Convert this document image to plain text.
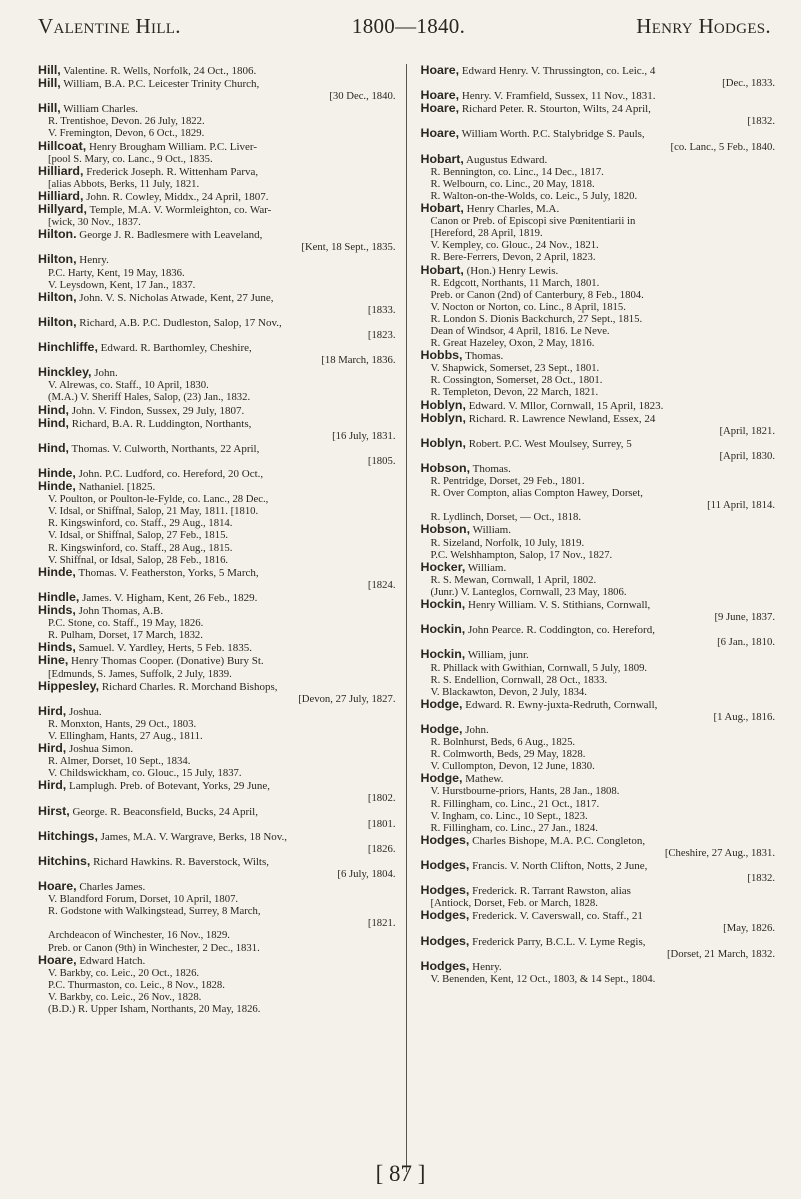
Valentine Hill.	1800—1840.	Henry Hodges.
Hill, Valentine. R. Wells, Norfolk, 24 Oct., 1806.
Hill, William, B.A. P.C. Leicester Trinity Church,
[30 Dec., 1840.
Hill, William Charles.
R. Trentishoe, Devon. 26 July, 1822.
V. Fremington, Devon, 6 Oct., 1829.
Hillcoat, Henry Brougham William. P.C. Liver-
[pool S. Mary, co. Lanc., 9 Oct., 1835.
Hilliard, Frederick Joseph. R. Wittenham Parva,
[alias Abbots, Berks, 11 July, 1821.
Hilliard, John. R. Cowley, Middx., 24 April, 1807.
Hillyard, Temple, M.A. V. Wormleighton, co. War-
[wick, 30 Nov., 1837.
Hilton. George J. R. Badlesmere with Leaveland,
[Kent, 18 Sept., 1835.
Hilton, Henry.
P.C. Harty, Kent, 19 May, 1836.
V. Leysdown, Kent, 17 Jan., 1837.
Hilton, John. V. S. Nicholas Atwade, Kent, 27 June,
[1833.
Hilton, Richard, A.B. P.C. Dudleston, Salop, 17 Nov.,
[1823.
Hinchliffe, Edward. R. Barthomley, Cheshire,
[18 March, 1836.
Hinckley, John.
V. Alrewas, co. Staff., 10 April, 1830.
(M.A.) V. Sheriff Hales, Salop, (23) Jan., 1832.
Hind, John. V. Findon, Sussex, 29 July, 1807.
Hind, Richard, B.A. R. Luddington, Northants,
[16 July, 1831.
Hind, Thomas. V. Culworth, Northants, 22 April,
[1805.
Hinde, John. P.C. Ludford, co. Hereford, 20 Oct.,
Hinde, Nathaniel. [1825.
V. Poulton, or Poulton-le-Fylde, co. Lanc., 28 Dec.,
V. Idsal, or Shiffnal, Salop, 21 May, 1811. [1810.
R. Kingswinford, co. Staff., 29 Aug., 1814.
V. Idsal, or Shiffnal, Salop, 27 Feb., 1815.
R. Kingswinford, co. Staff., 28 Aug., 1815.
V. Shiffnal, or Idsal, Salop, 28 Feb., 1816.
Hinde, Thomas. V. Featherston, Yorks, 5 March,
[1824.
Hindle, James. V. Higham, Kent, 26 Feb., 1829.
Hinds, John Thomas, A.B.
P.C. Stone, co. Staff., 19 May, 1826.
R. Pulham, Dorset, 17 March, 1832.
Hinds, Samuel. V. Yardley, Herts, 5 Feb. 1835.
Hine, Henry Thomas Cooper. (Donative) Bury St.
[Edmunds, S. James, Suffolk, 2 July, 1839.
Hippesley, Richard Charles. R. Morchand Bishops,
[Devon, 27 July, 1827.
Hird, Joshua.
R. Monxton, Hants, 29 Oct., 1803.
V. Ellingham, Hants, 27 Aug., 1811.
Hird, Joshua Simon.
R. Almer, Dorset, 10 Sept., 1834.
V. Childswickham, co. Glouc., 15 July, 1837.
Hird, Lamplugh. Preb. of Botevant, Yorks, 29 June,
[1802.
Hirst, George. R. Beaconsfield, Bucks, 24 April,
[1801.
Hitchings, James, M.A. V. Wargrave, Berks, 18 Nov.,
[1826.
Hitchins, Richard Hawkins. R. Baverstock, Wilts,
[6 July, 1804.
Hoare, Charles James.
V. Blandford Forum, Dorset, 10 April, 1807.
R. Godstone with Walkingstead, Surrey, 8 March,
[1821.
Archdeacon of Winchester, 16 Nov., 1829.
Preb. or Canon (9th) in Winchester, 2 Dec., 1831.
Hoare, Edward Hatch.
V. Barkby, co. Leic., 20 Oct., 1826.
P.C. Thurmaston, co. Leic., 8 Nov., 1828.
V. Barkby, co. Leic., 26 Nov., 1828.
(B.D.) R. Upper Isham, Northants, 20 May, 1826.
Hoare, Edward Henry. V. Thrussington, co. Leic., 4
[Dec., 1833.
Hoare, Henry. V. Framfield, Sussex, 11 Nov., 1831.
Hoare, Richard Peter. R. Stourton, Wilts, 24 April,
[1832.
Hoare, William Worth. P.C. Stalybridge S. Pauls,
[co. Lanc., 5 Feb., 1840.
Hobart, Augustus Edward.
R. Bennington, co. Linc., 14 Dec., 1817.
R. Welbourn, co. Linc., 20 May, 1818.
R. Walton-on-the-Wolds, co. Leic., 5 July, 1820.
Hobart, Henry Charles, M.A.
Canon or Preb. of Episcopi sive Pœnitentiarii in
[Hereford, 28 April, 1819.
V. Kempley, co. Glouc., 24 Nov., 1821.
R. Bere-Ferrers, Devon, 2 April, 1823.
Hobart, (Hon.) Henry Lewis.
R. Edgcott, Northants, 11 March, 1801.
Preb. or Canon (2nd) of Canterbury, 8 Feb., 1804.
V. Nocton or Norton, co. Linc., 8 April, 1815.
R. London S. Dionis Backchurch, 27 Sept., 1815.
Dean of Windsor, 4 April, 1816. Le Neve.
R. Great Hazeley, Oxon, 2 May, 1816.
Hobbs, Thomas.
V. Shapwick, Somerset, 23 Sept., 1801.
R. Cossington, Somerset, 28 Oct., 1801.
R. Templeton, Devon, 22 March, 1821.
Hoblyn, Edward. V. Mllor, Cornwall, 15 April, 1823.
Hoblyn, Richard. R. Lawrence Newland, Essex, 24
[April, 1821.
Hoblyn, Robert. P.C. West Moulsey, Surrey, 5
[April, 1830.
Hobson, Thomas.
R. Pentridge, Dorset, 29 Feb., 1801.
R. Over Compton, alias Compton Hawey, Dorset,
[11 April, 1814.
R. Lydlinch, Dorset, — Oct., 1818.
Hobson, William.
R. Sizeland, Norfolk, 10 July, 1819.
P.C. Welshhampton, Salop, 17 Nov., 1827.
Hocker, William.
R. S. Mewan, Cornwall, 1 April, 1802.
(Junr.) V. Lanteglos, Cornwall, 23 May, 1806.
Hockin, Henry William. V. S. Stithians, Cornwall,
[9 June, 1837.
Hockin, John Pearce. R. Coddington, co. Hereford,
[6 Jan., 1810.
Hockin, William, junr.
R. Phillack with Gwithian, Cornwall, 5 July, 1809.
R. S. Endellion, Cornwall, 28 Oct., 1833.
V. Blackawton, Devon, 2 July, 1834.
Hodge, Edward. R. Ewny-juxta-Redruth, Cornwall,
[1 Aug., 1816.
Hodge, John.
R. Bolnhurst, Beds, 6 Aug., 1825.
R. Colmworth, Beds, 29 May, 1828.
V. Cullompton, Devon, 12 June, 1830.
Hodge, Mathew.
V. Hurstbourne-priors, Hants, 28 Jan., 1808.
R. Fillingham, co. Linc., 21 Oct., 1817.
V. Ingham, co. Linc., 10 Sept., 1823.
R. Fillingham, co. Linc., 27 Jan., 1824.
Hodges, Charles Bishope, M.A. P.C. Congleton,
[Cheshire, 27 Aug., 1831.
Hodges, Francis. V. North Clifton, Notts, 2 June,
[1832.
Hodges, Frederick. R. Tarrant Rawston, alias
[Antiock, Dorset, Feb. or March, 1828.
Hodges, Frederick. V. Caverswall, co. Staff., 21
[May, 1826.
Hodges, Frederick Parry, B.C.L. V. Lyme Regis,
[Dorset, 21 March, 1832.
Hodges, Henry.
V. Benenden, Kent, 12 Oct., 1803, & 14 Sept., 1804.
[ 87 ]
